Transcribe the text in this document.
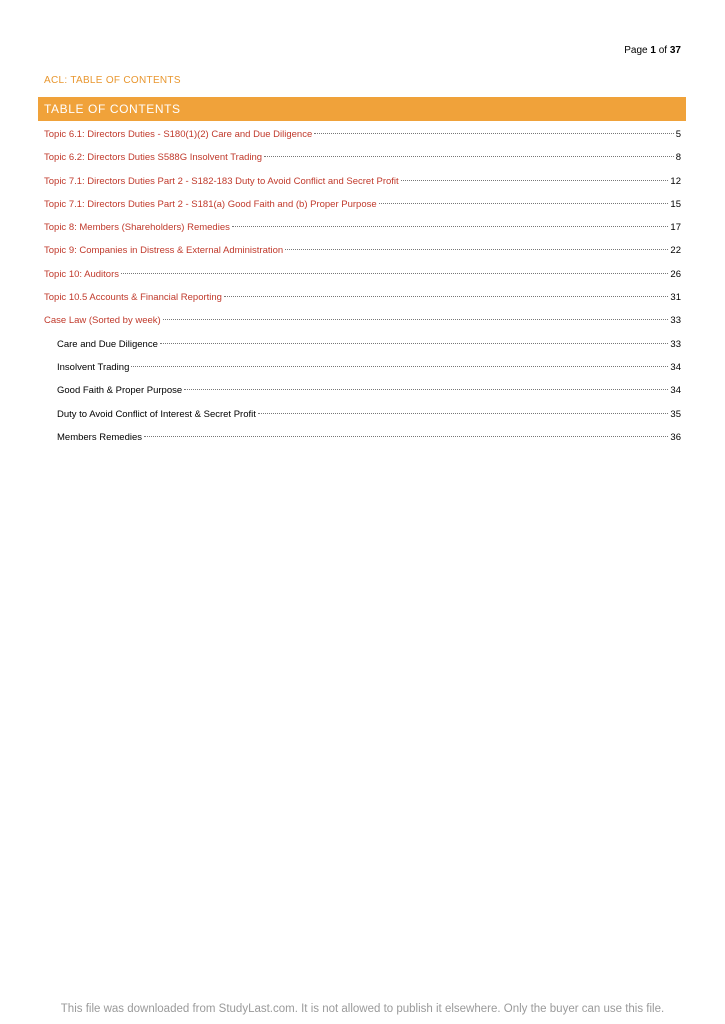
Page 1 of 37
ACL: TABLE OF CONTENTS
TABLE OF CONTENTS
Topic 6.1: Directors Duties - S180(1)(2) Care and Due Diligence	5
Topic 6.2: Directors Duties S588G Insolvent Trading	8
Topic 7.1: Directors Duties Part 2 - S182-183 Duty to Avoid Conflict and Secret Profit	12
Topic 7.1: Directors Duties Part 2 - S181(a) Good Faith and (b) Proper Purpose	15
Topic 8: Members (Shareholders) Remedies	17
Topic 9: Companies in Distress & External Administration	22
Topic 10: Auditors	26
Topic 10.5 Accounts & Financial Reporting	31
Case Law (Sorted by week)	33
Care and Due Diligence	33
Insolvent Trading	34
Good Faith & Proper Purpose	34
Duty to Avoid Conflict of Interest & Secret Profit	35
Members Remedies	36
This file was downloaded from StudyLast.com. It is not allowed to publish it elsewhere. Only the buyer can use this file.
